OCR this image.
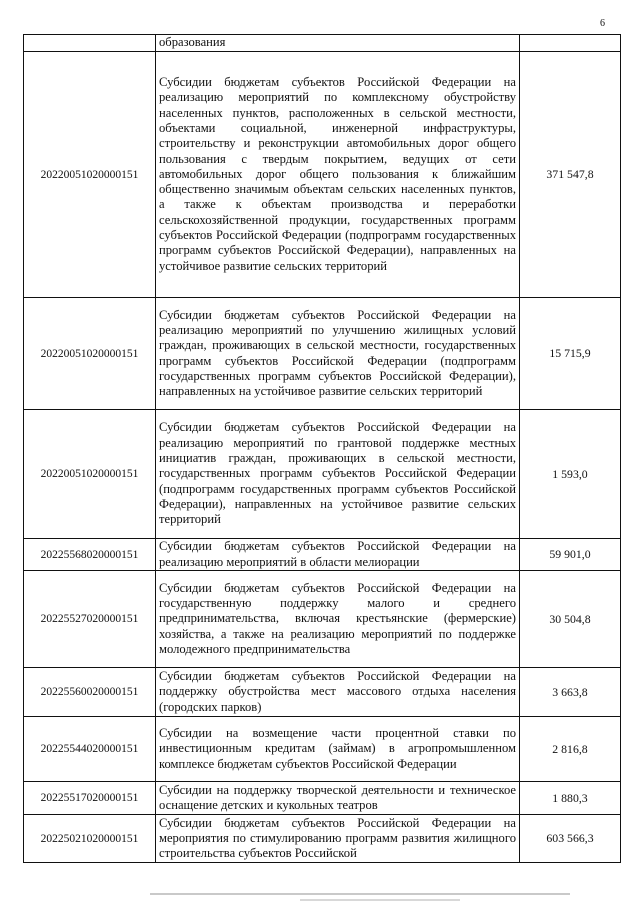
6

	образования	

20220051020000151	Субсидии бюджетам субъектов Российской Федерации на реализацию мероприятий по комплексному обустройству населенных пунктов, расположенных в сельской местности, объектами социальной, инженерной инфраструктуры, строительству и реконструкции автомобильных дорог общего пользования с твердым покрытием, ведущих от сети автомобильных дорог общего пользования к ближайшим общественно значимым объектам сельских населенных пунктов, а также к объектам производства и переработки сельскохозяйственной продукции, государственных программ субъектов Российской Федерации (подпрограмм государственных программ субъектов Российской Федерации), направленных на устойчивое развитие сельских территорий	371 547,8
20220051020000151	Субсидии бюджетам субъектов Российской Федерации на реализацию мероприятий по улучшению жилищных условий граждан, проживающих в сельской местности, государственных программ субъектов Российской Федерации (подпрограмм государственных программ субъектов Российской Федерации), направленных на устойчивое развитие сельских территорий	15 715,9
20220051020000151	Субсидии бюджетам субъектов Российской Федерации на реализацию мероприятий по грантовой поддержке местных инициатив граждан, проживающих в сельской местности, государственных программ субъектов Российской Федерации (подпрограмм государственных программ субъектов Российской Федерации), направленных на устойчивое развитие сельских территорий	1 593,0
20225568020000151	Субсидии бюджетам субъектов Российской Федерации на реализацию мероприятий в области мелиорации	59 901,0
20225527020000151	Субсидии бюджетам субъектов Российской Федерации на государственную поддержку малого и среднего предпринимательства, включая крестьянские (фермерские) хозяйства, а также на реализацию мероприятий по поддержке молодежного предпринимательства	30 504,8
20225560020000151	Субсидии бюджетам субъектов Российской Федерации на поддержку обустройства мест массового отдыха населения (городских парков)	3 663,8
20225544020000151	Субсидии на возмещение части процентной ставки по инвестиционным кредитам (займам) в агропромышленном комплексе бюджетам субъектов Российской Федерации	2 816,8
20225517020000151	Субсидии на поддержку творческой деятельности и техническое оснащение детских и кукольных театров	1 880,3
20225021020000151	Субсидии бюджетам субъектов Российской Федерации на мероприятия по стимулированию программ развития жилищного строительства субъектов Российской	603 566,3
